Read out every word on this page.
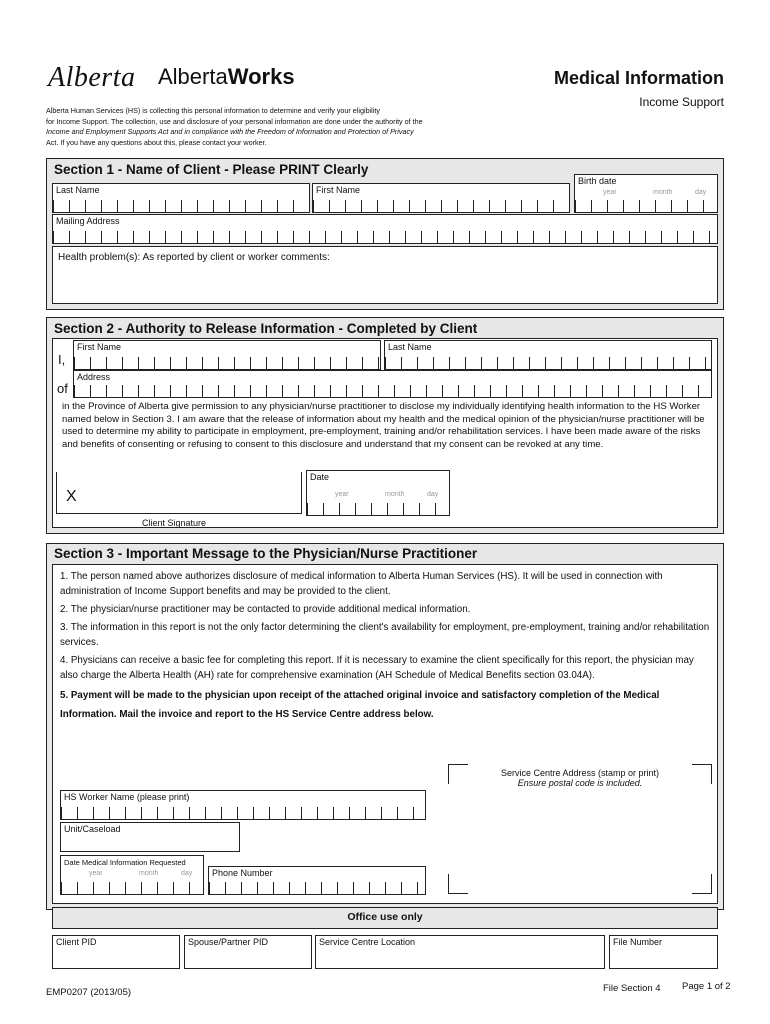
Alberta AlbertaWorks	Medical Information
Income Support
Alberta Human Services (HS) is collecting this personal information to determine and verify your eligibility
for Income Support. The collection, use and disclosure of your personal information are done under the authority of the
Income and Employment Supports Act and in compliance with the Freedom of Information and Protection of Privacy
Act. If you have any questions about this, please contact your worker.
Section 1 - Name of Client - Please PRINT Clearly
Last Name	First Name
Birth date
year	month	day
Mailing Address
Health problem(s): As reported by client or worker comments:
Section 2 - Authority to Release Information - Completed by Client
I,
First Name	Last Name
of
Address
in the Province of Alberta give permission to any physician/nurse practitioner to disclose my individually identifying health information to the HS Worker named below in Section 3. I am aware that the release of information about my health and the medical opinion of the physician/nurse practitioner will be used to determine my ability to participate in employment, pre-employment, training and/or rehabilitation services. I have been made aware of the risks and benefits of consenting or refusing to consent to this disclosure and understand that my consent can be revoked at any time.
Date
year	month	day
X
Client Signature
Section 3 - Important Message to the Physician/Nurse Practitioner
1. The person named above authorizes disclosure of medical information to Alberta Human Services (HS). It will be used in connection with administration of Income Support benefits and may be provided to the client.
2. The physician/nurse practitioner may be contacted to provide additional medical information.
3. The information in this report is not the only factor determining the client's availability for employment, pre-employment, training and/or rehabilitation services.
4. Physicians can receive a basic fee for completing this report. If it is necessary to examine the client specifically for this report, the physician may also charge the Alberta Health (AH) rate for comprehensive examination (AH Schedule of Medical Benefits section 03.04A).
5. Payment will be made to the physician upon receipt of the attached original invoice and satisfactory completion of the Medical Information. Mail the invoice and report to the HS Service Centre address below.
Service Centre Address (stamp or print)
Ensure postal code is included.
HS Worker Name (please print)
Unit/Caseload
Date Medical Information Requested
year	month	day	Phone Number
Office use only
Client PID	Spouse/Partner PID	Service Centre Location	File Number
EMP0207 (2013/05)	File Section 4 Page 1 of 2
